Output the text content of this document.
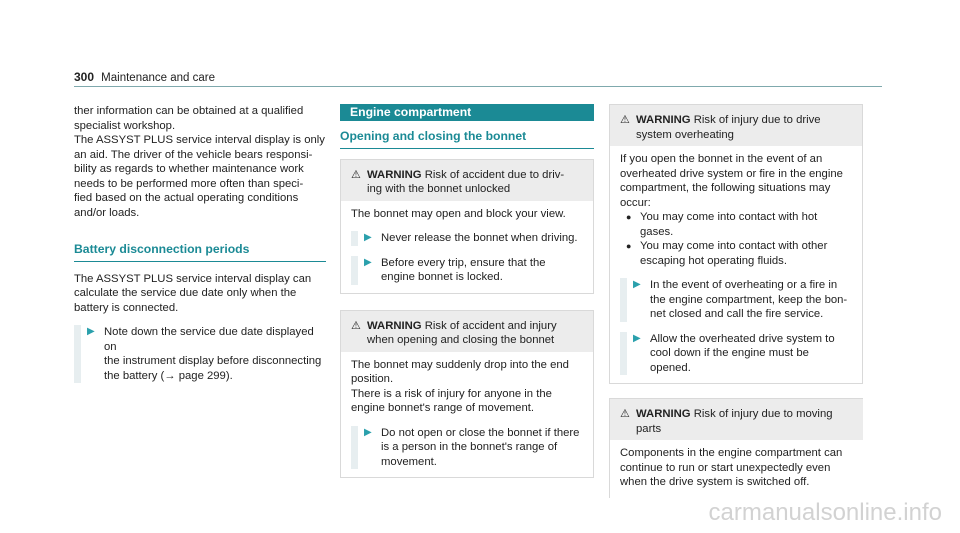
300 Maintenance and care

ther information can be obtained at a qualified

specialist workshop.

The ASSYST PLUS service interval display is only

an aid. The driver of the vehicle bears responsi-

bility as regards to whether maintenance work

needs to be performed more often than speci-

fied based on the actual operating conditions

and/or loads.

Battery disconnection periods

The ASSYST PLUS service interval display can

calculate the service due date only when the

battery is connected.

▶ Note down the service due date displayed on

the instrument display before disconnecting

the battery (→ page 299).

Engine compartment
Opening and closing the bonnet

⚠ WARNING Risk of accident due to driv-

ing with the bonnet unlocked

The bonnet may open and block your view.

▶ Never release the bonnet when driving.

▶ Before every trip, ensure that the

engine bonnet is locked.

⚠ WARNING Risk of accident and injury

when opening and closing the bonnet

The bonnet may suddenly drop into the end

position.

There is a risk of injury for anyone in the

engine bonnet's range of movement.

▶ Do not open or close the bonnet if there

is a person in the bonnet's range of

movement.

⚠ WARNING Risk of injury due to drive

system overheating

If you open the bonnet in the event of an

overheated drive system or fire in the engine

compartment, the following situations may

occur:

● You may come into contact with hot

gases.

● You may come into contact with other

escaping hot operating fluids.

▶ In the event of overheating or a fire in

the engine compartment, keep the bon-

net closed and call the fire service.

▶ Allow the overheated drive system to

cool down if the engine must be

opened.

⚠ WARNING Risk of injury due to moving

parts

Components in the engine compartment can

continue to run or start unexpectedly even

when the drive system is switched off.

carmanualsonline.info
